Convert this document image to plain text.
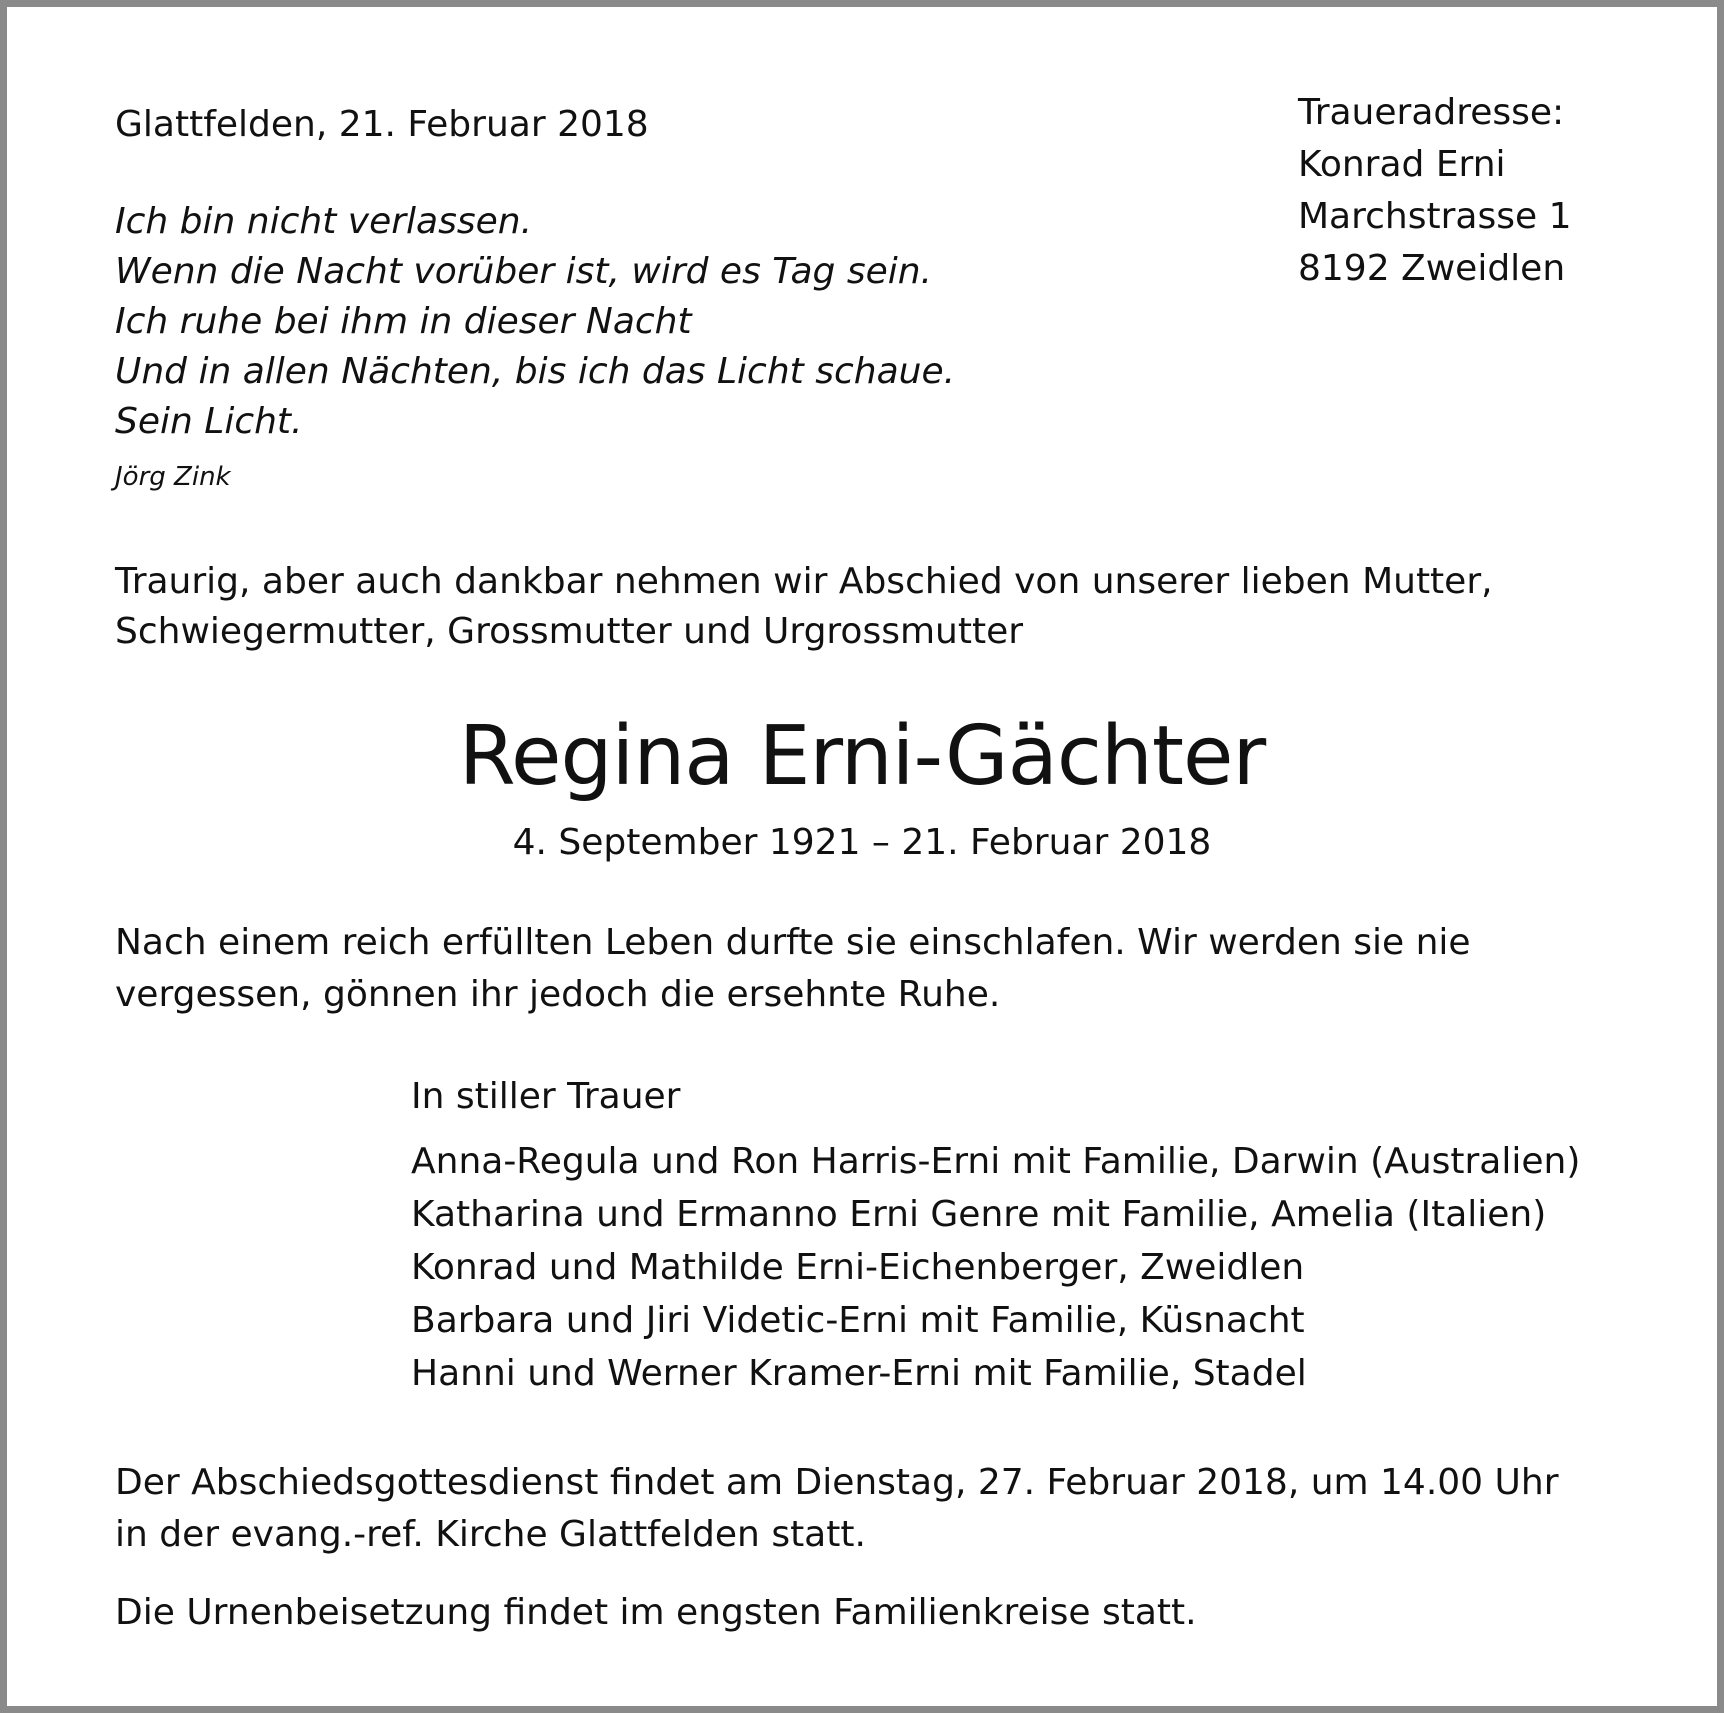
Glattfelden, 21. Februar 2018	Traueradresse:
Konrad Erni
Marchstrasse 1
8192 Zweidlen
Ich bin nicht verlassen.
Wenn die Nacht vorüber ist, wird es Tag sein.
Ich ruhe bei ihm in dieser Nacht
Und in allen Nächten, bis ich das Licht schaue.
Sein Licht.

Jörg Zink

Traurig, aber auch dankbar nehmen wir Abschied von unserer lieben Mutter,
Schwiegermutter, Grossmutter und Urgrossmutter

Regina Erni-Gächter

4. September 1921 – 21. Februar 2018

Nach einem reich erfüllten Leben durfte sie einschlafen. Wir werden sie nie
vergessen, gönnen ihr jedoch die ersehnte Ruhe.

In stiller Trauer

Anna-Regula und Ron Harris-Erni mit Familie, Darwin (Australien)
Katharina und Ermanno Erni Genre mit Familie, Amelia (Italien)
Konrad und Mathilde Erni-Eichenberger, Zweidlen
Barbara und Jiri Videtic-Erni mit Familie, Küsnacht
Hanni und Werner Kramer-Erni mit Familie, Stadel
Der Abschiedsgottesdienst findet am Dienstag, 27. Februar 2018, um 14.00 Uhr
in der evang.-ref. Kirche Glattfelden statt.

Die Urnenbeisetzung findet im engsten Familienkreise statt.
